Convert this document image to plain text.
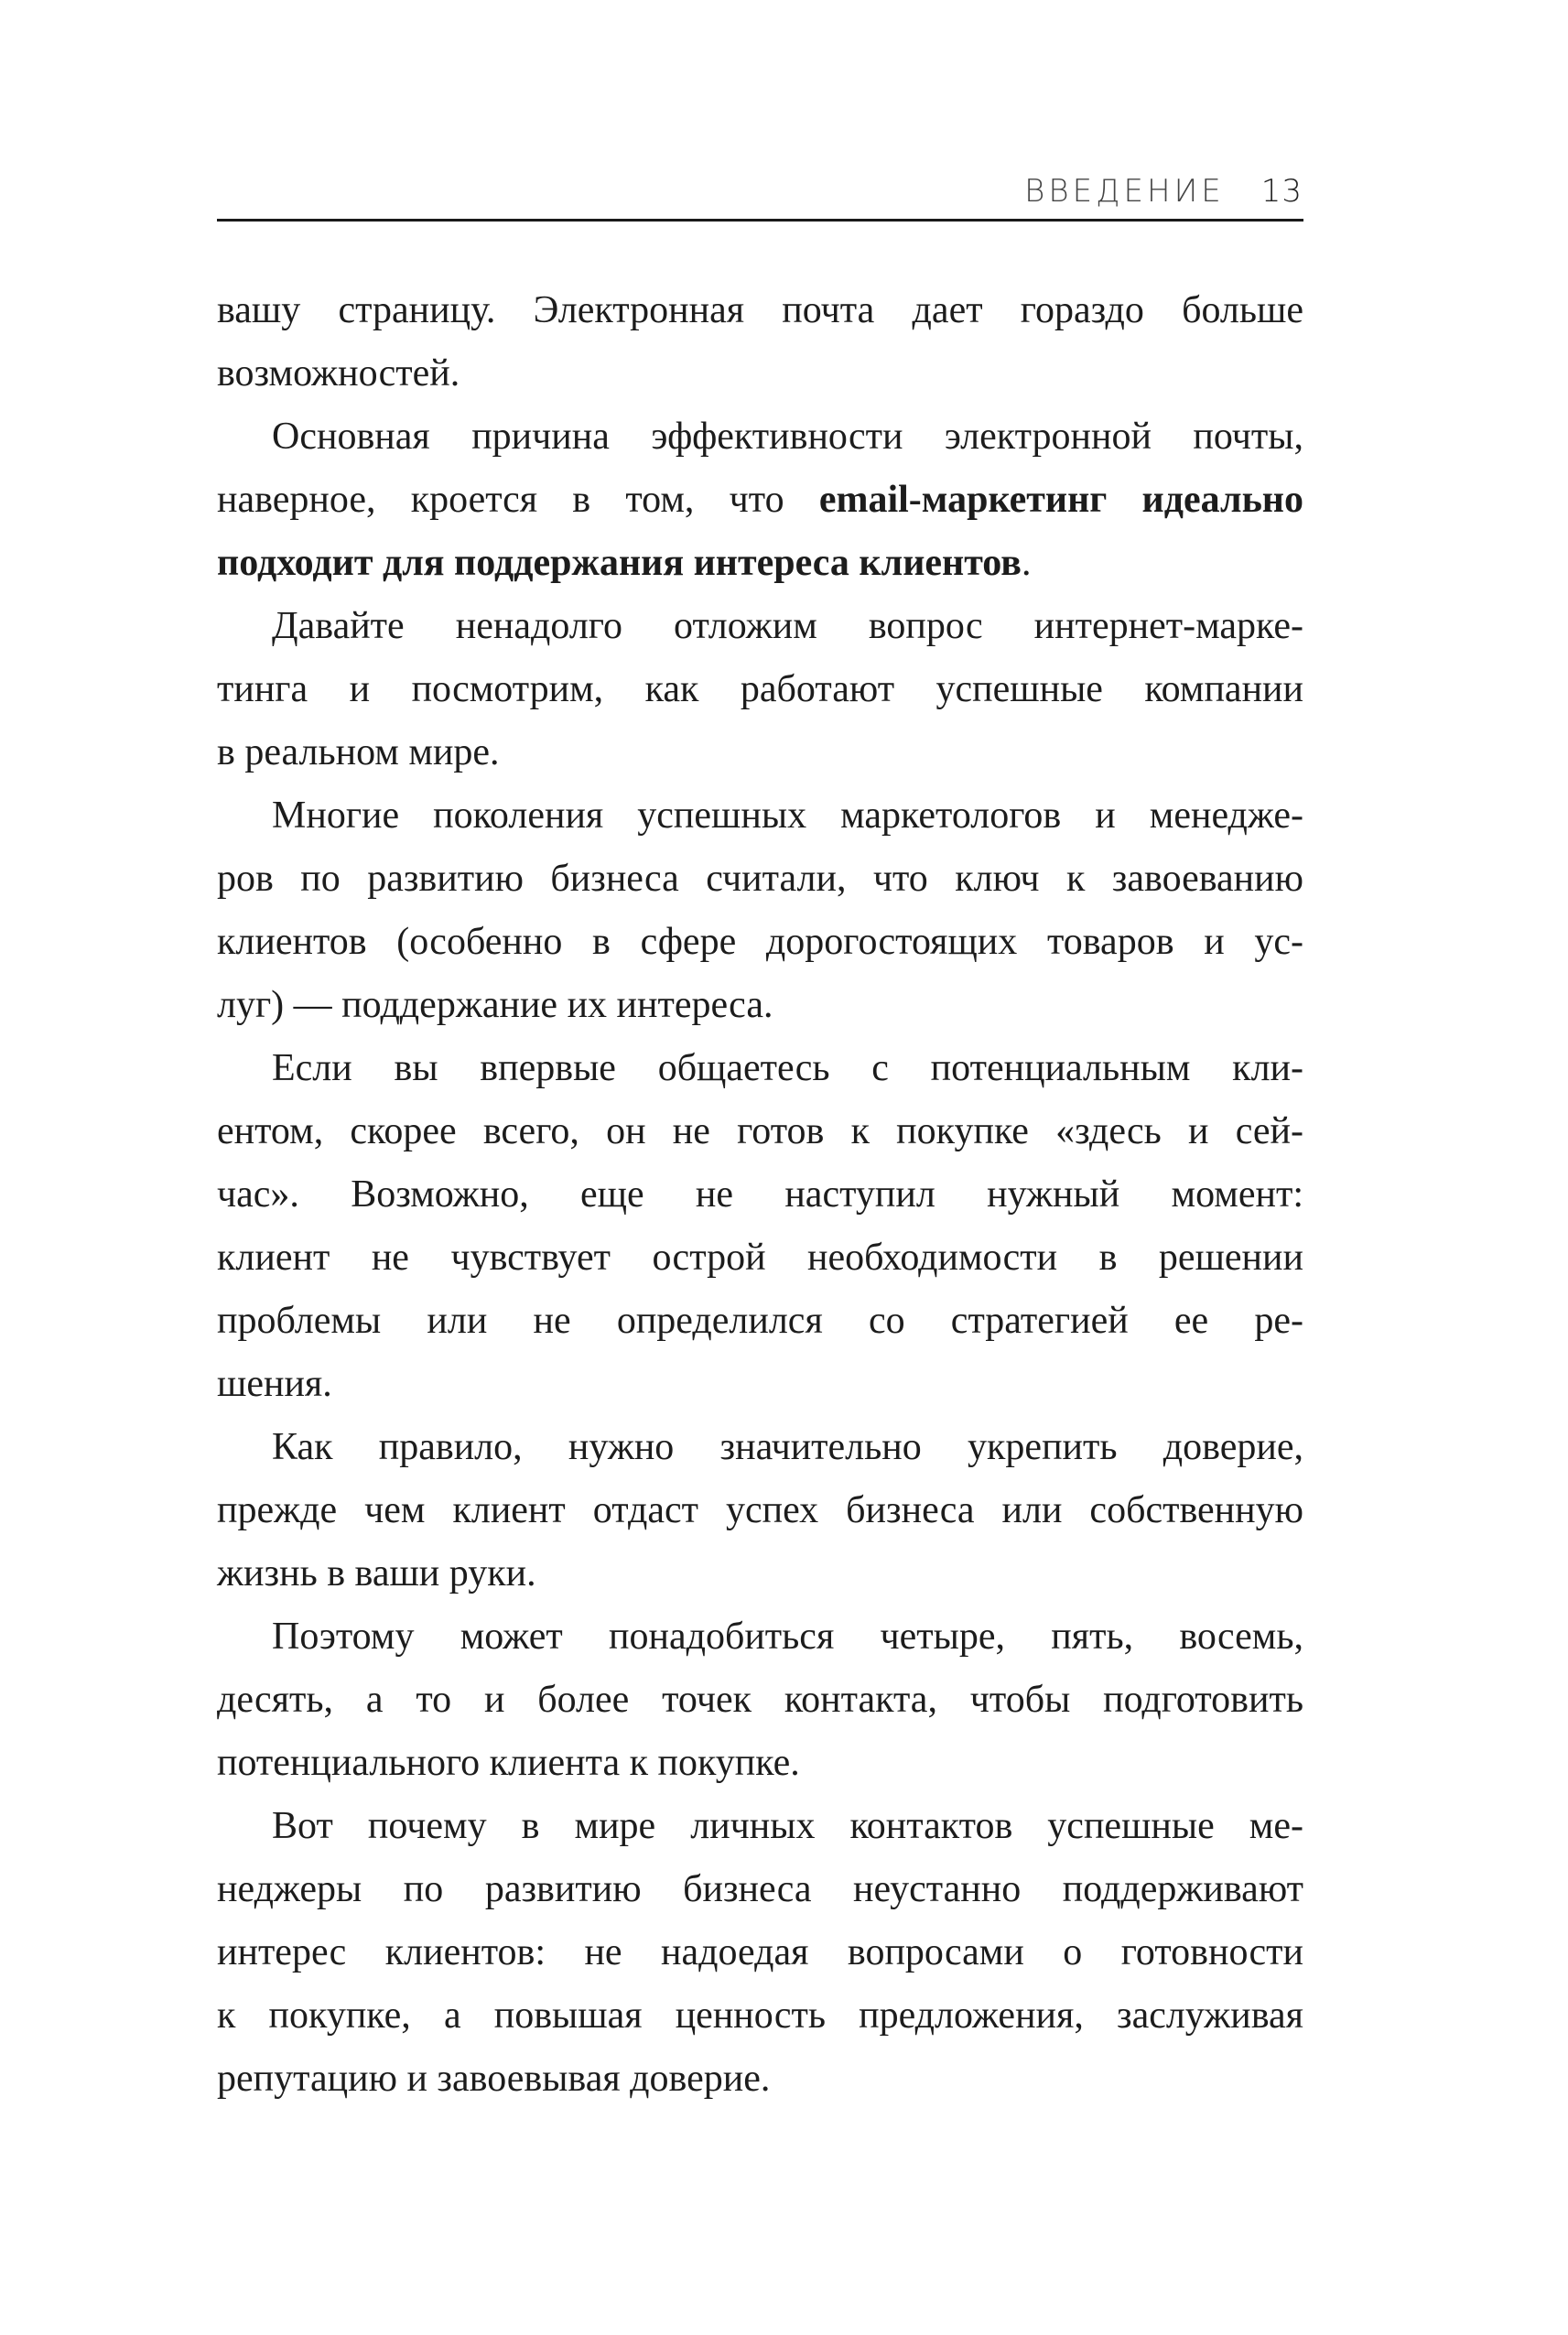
ВВЕДЕНИЕ 13
вашу страницу. Электронная почта дает гораздо больше
возможностей.
Основная причина эффективности электронной почты,
наверное, кроется в том, что email-маркетинг идеально
подходит для поддержания интереса клиентов.
Давайте ненадолго отложим вопрос интернет-марке-
тинга и посмотрим, как работают успешные компании
в реальном мире.
Многие поколения успешных маркетологов и менедже-
ров по развитию бизнеса считали, что ключ к завоеванию
клиентов (особенно в сфере дорогостоящих товаров и ус-
луг) — поддержание их интереса.
Если вы впервые общаетесь с потенциальным кли-
ентом, скорее всего, он не готов к покупке «здесь и сей-
час». Возможно, еще не наступил нужный момент:
клиент не чувствует острой необходимости в решении
проблемы или не определился со стратегией ее ре-
шения.
Как правило, нужно значительно укрепить доверие,
прежде чем клиент отдаст успех бизнеса или собственную
жизнь в ваши руки.
Поэтому может понадобиться четыре, пять, восемь,
десять, а то и более точек контакта, чтобы подготовить
потенциального клиента к покупке.
Вот почему в мире личных контактов успешные ме-
неджеры по развитию бизнеса неустанно поддерживают
интерес клиентов: не надоедая вопросами о готовности
к покупке, а повышая ценность предложения, заслуживая
репутацию и завоевывая доверие.
